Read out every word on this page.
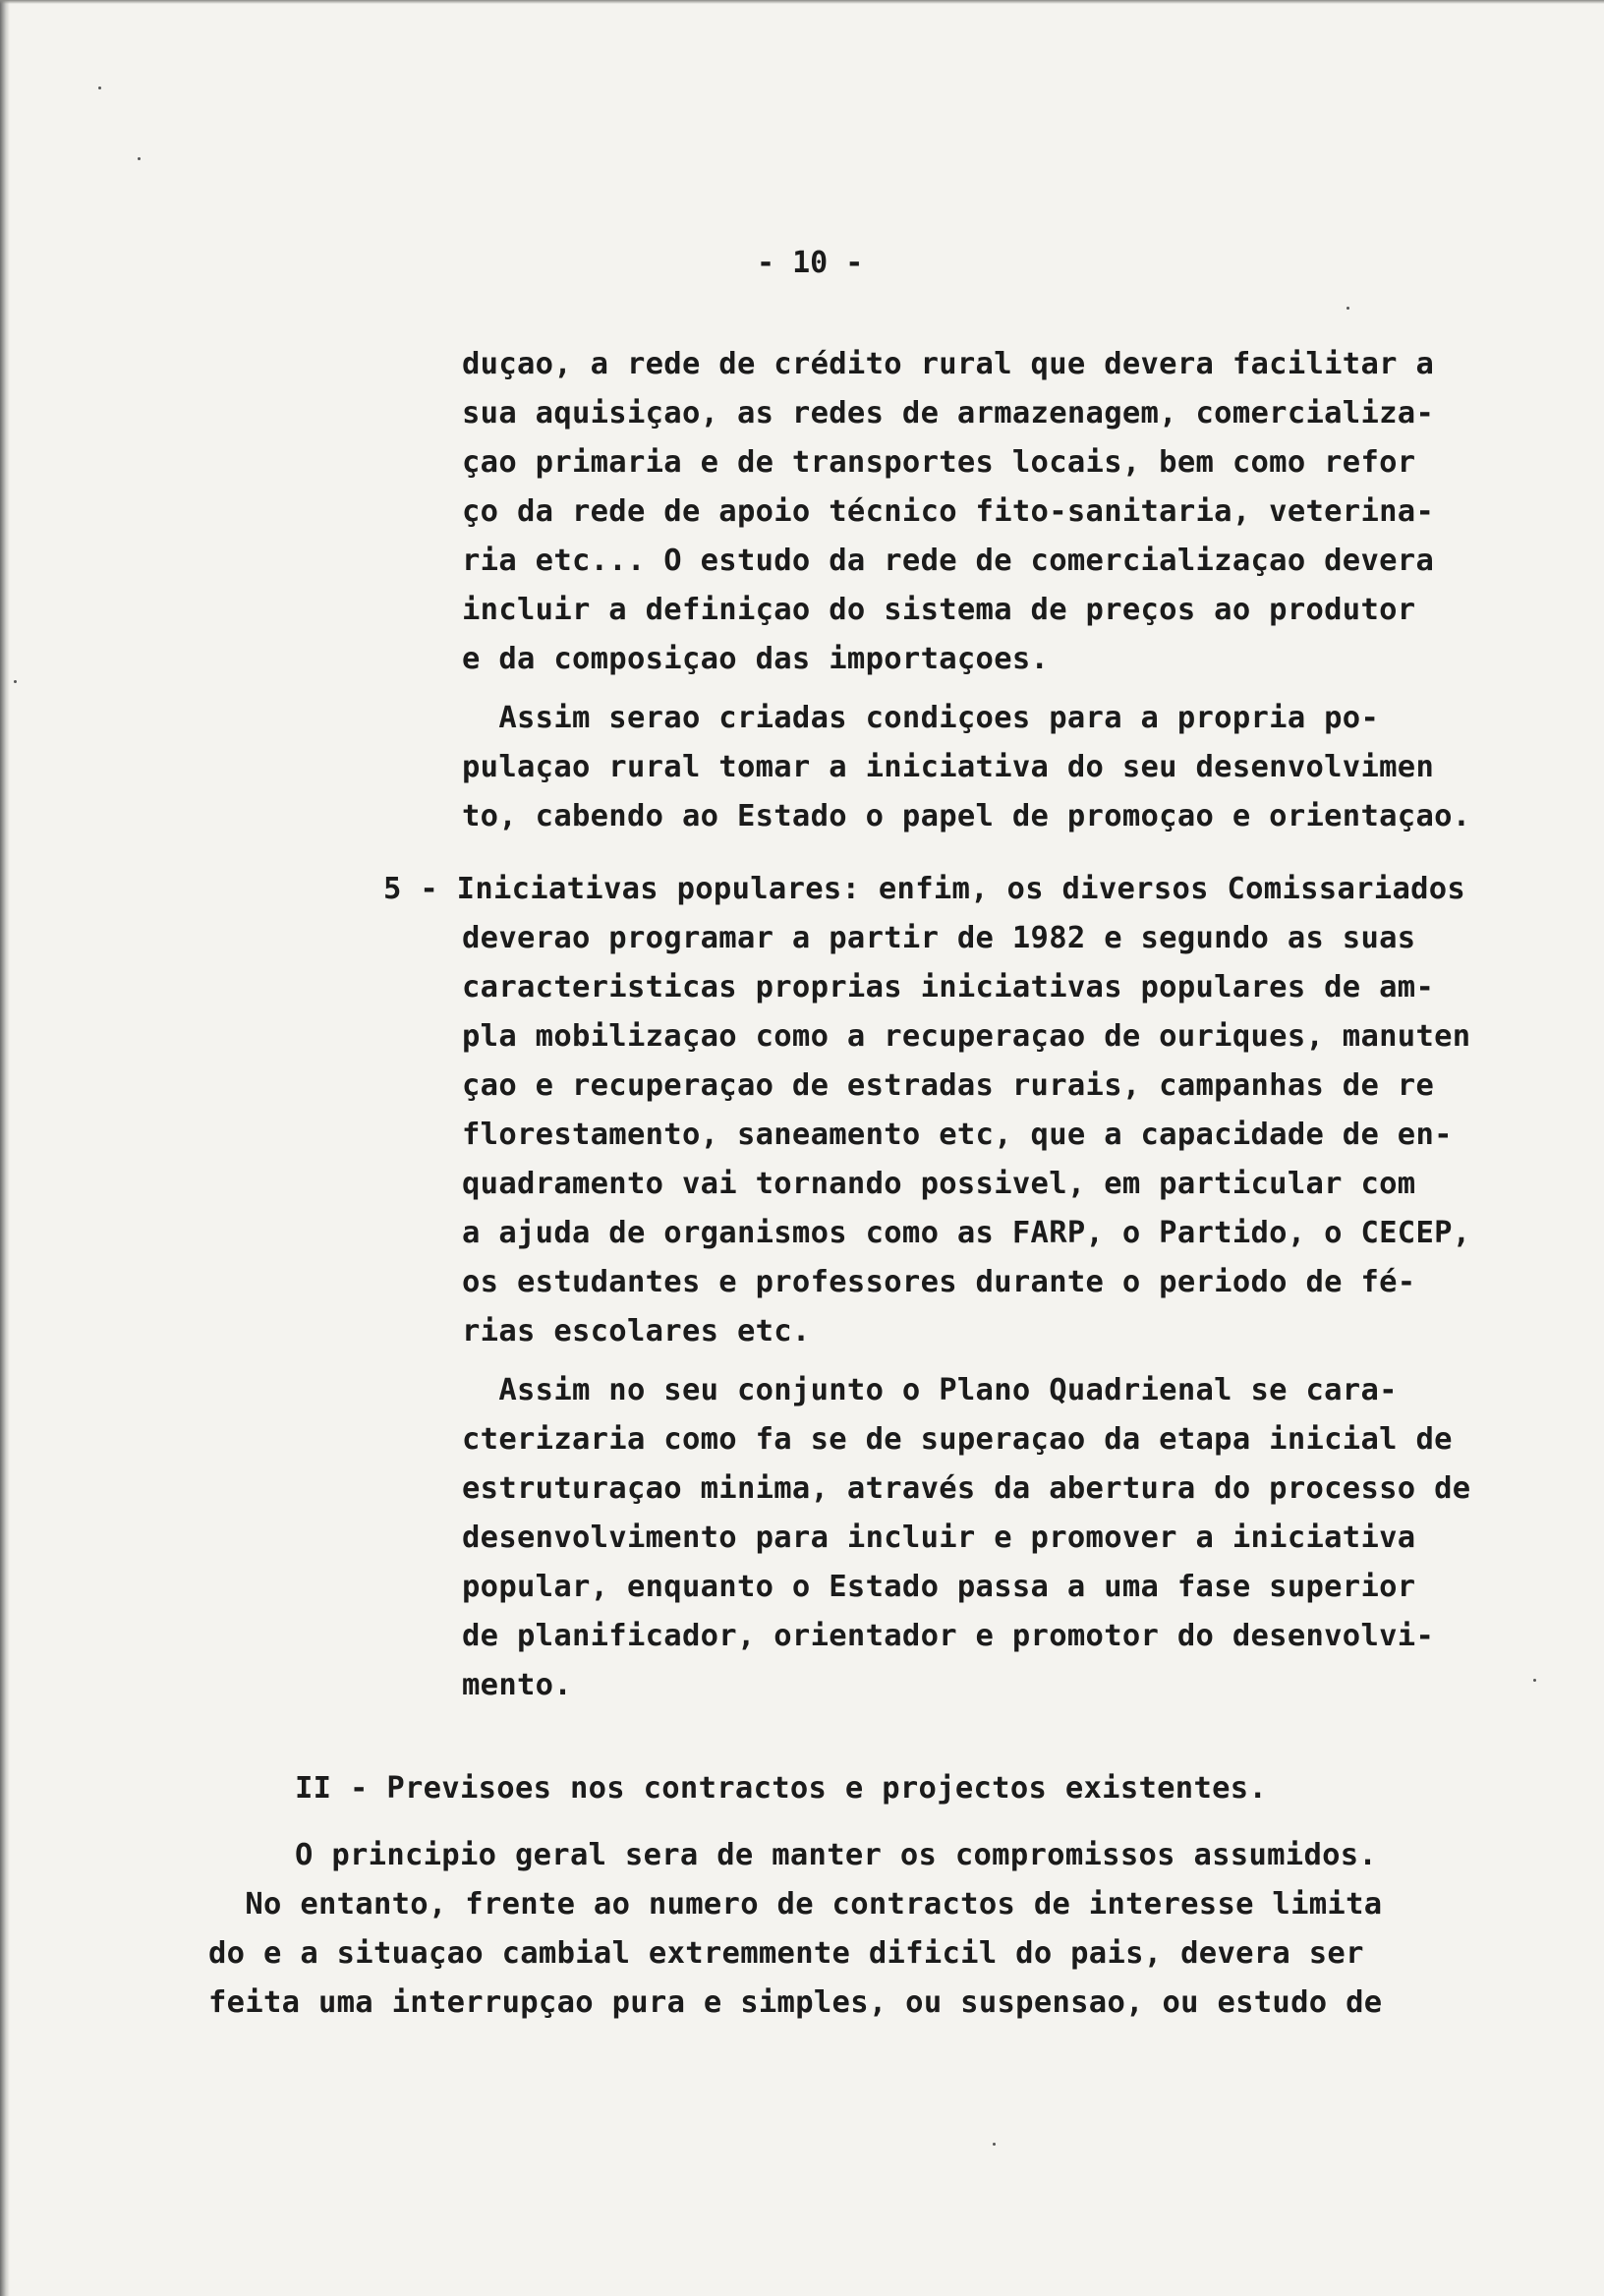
- 10 -
duçao, a rede de crédito rural que devera facilitar a
sua aquisiçao, as redes de armazenagem, comercializa-
çao primaria e de transportes locais, bem como refor
ço da rede de apoio técnico fito-sanitaria, veterina-
ria etc... O estudo da rede de comercializaçao devera
incluir a definiçao do sistema de preços ao produtor
e da composiçao das importaçoes.
Assim serao criadas condiçoes para a propria po-
pulaçao rural tomar a iniciativa do seu desenvolvimen
to, cabendo ao Estado o papel de promoçao e orientaçao.
5 - Iniciativas populares: enfim, os diversos Comissariados
deverao programar a partir de 1982 e segundo as suas
caracteristicas proprias iniciativas populares de am-
pla mobilizaçao como a recuperaçao de ouriques, manuten
çao e recuperaçao de estradas rurais, campanhas de re
florestamento, saneamento etc, que a capacidade de en-
quadramento vai tornando possivel, em particular com
a ajuda de organismos como as FARP, o Partido, o CECEP,
os estudantes e professores durante o periodo de fé-
rias escolares etc.
Assim no seu conjunto o Plano Quadrienal se cara-
cterizaria como fa se de superaçao da etapa inicial de
estruturaçao minima, através da abertura do processo de
desenvolvimento para incluir e promover a iniciativa
popular, enquanto o Estado passa a uma fase superior
de planificador, orientador e promotor do desenvolvi-
mento.
II - Previsoes nos contractos e projectos existentes.
O principio geral sera de manter os compromissos assumidos.
No entanto, frente ao numero de contractos de interesse limita
do e a situaçao cambial extremmente dificil do pais, devera ser
feita uma interrupçao pura e simples, ou suspensao, ou estudo de
